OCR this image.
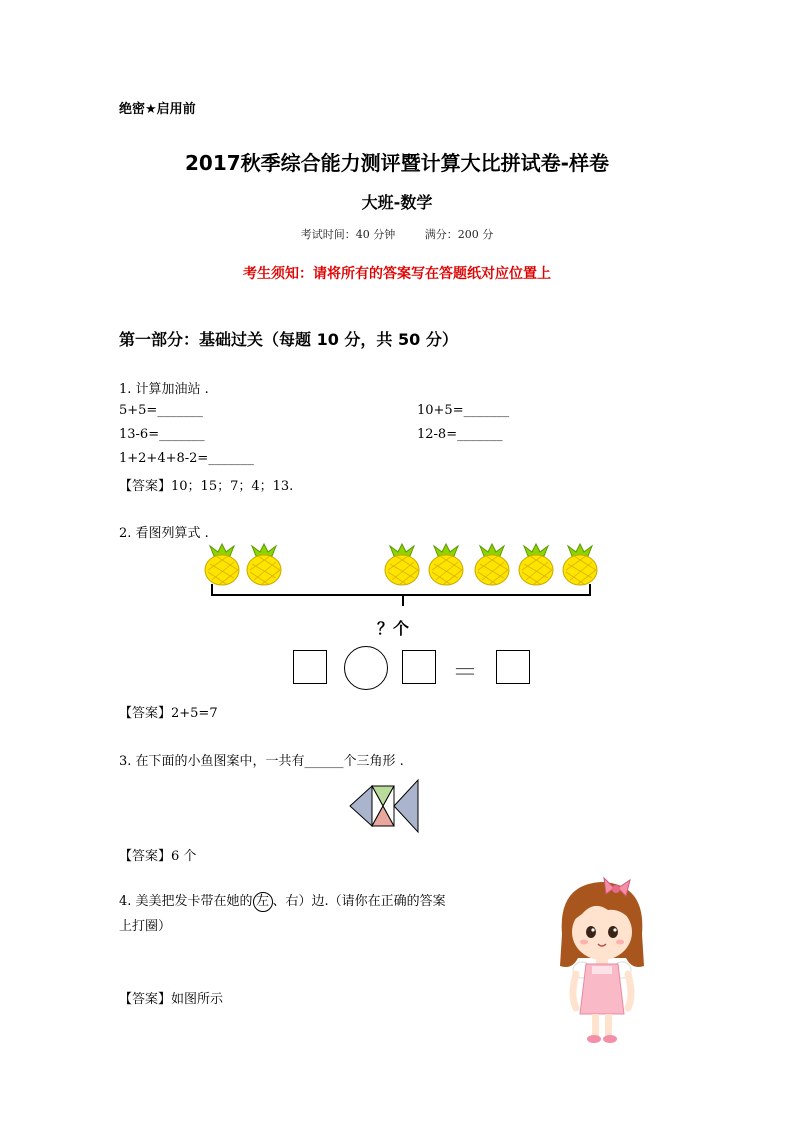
绝密★启用前
2017秋季综合能力测评暨计算大比拼试卷-样卷
大班-数学
考试时间：40 分钟	满分：200 分
考生须知：请将所有的答案写在答题纸对应位置上
第一部分：基础过关（每题 10 分，共 50 分）
1. 计算加油站 .
5+5=_______	10+5=_______
13-6=_______	12-8=_______
1+2+4+8-2=_______
【答案】10；15；7；4；13.
2. 看图列算式 .
？个
＝
【答案】2+5=7
3. 在下面的小鱼图案中，一共有______个三角形 .
【答案】6 个
4. 美美把发卡带在她的 左 、右）边.（请你在正确的答案
上打圈）
【答案】如图所示
